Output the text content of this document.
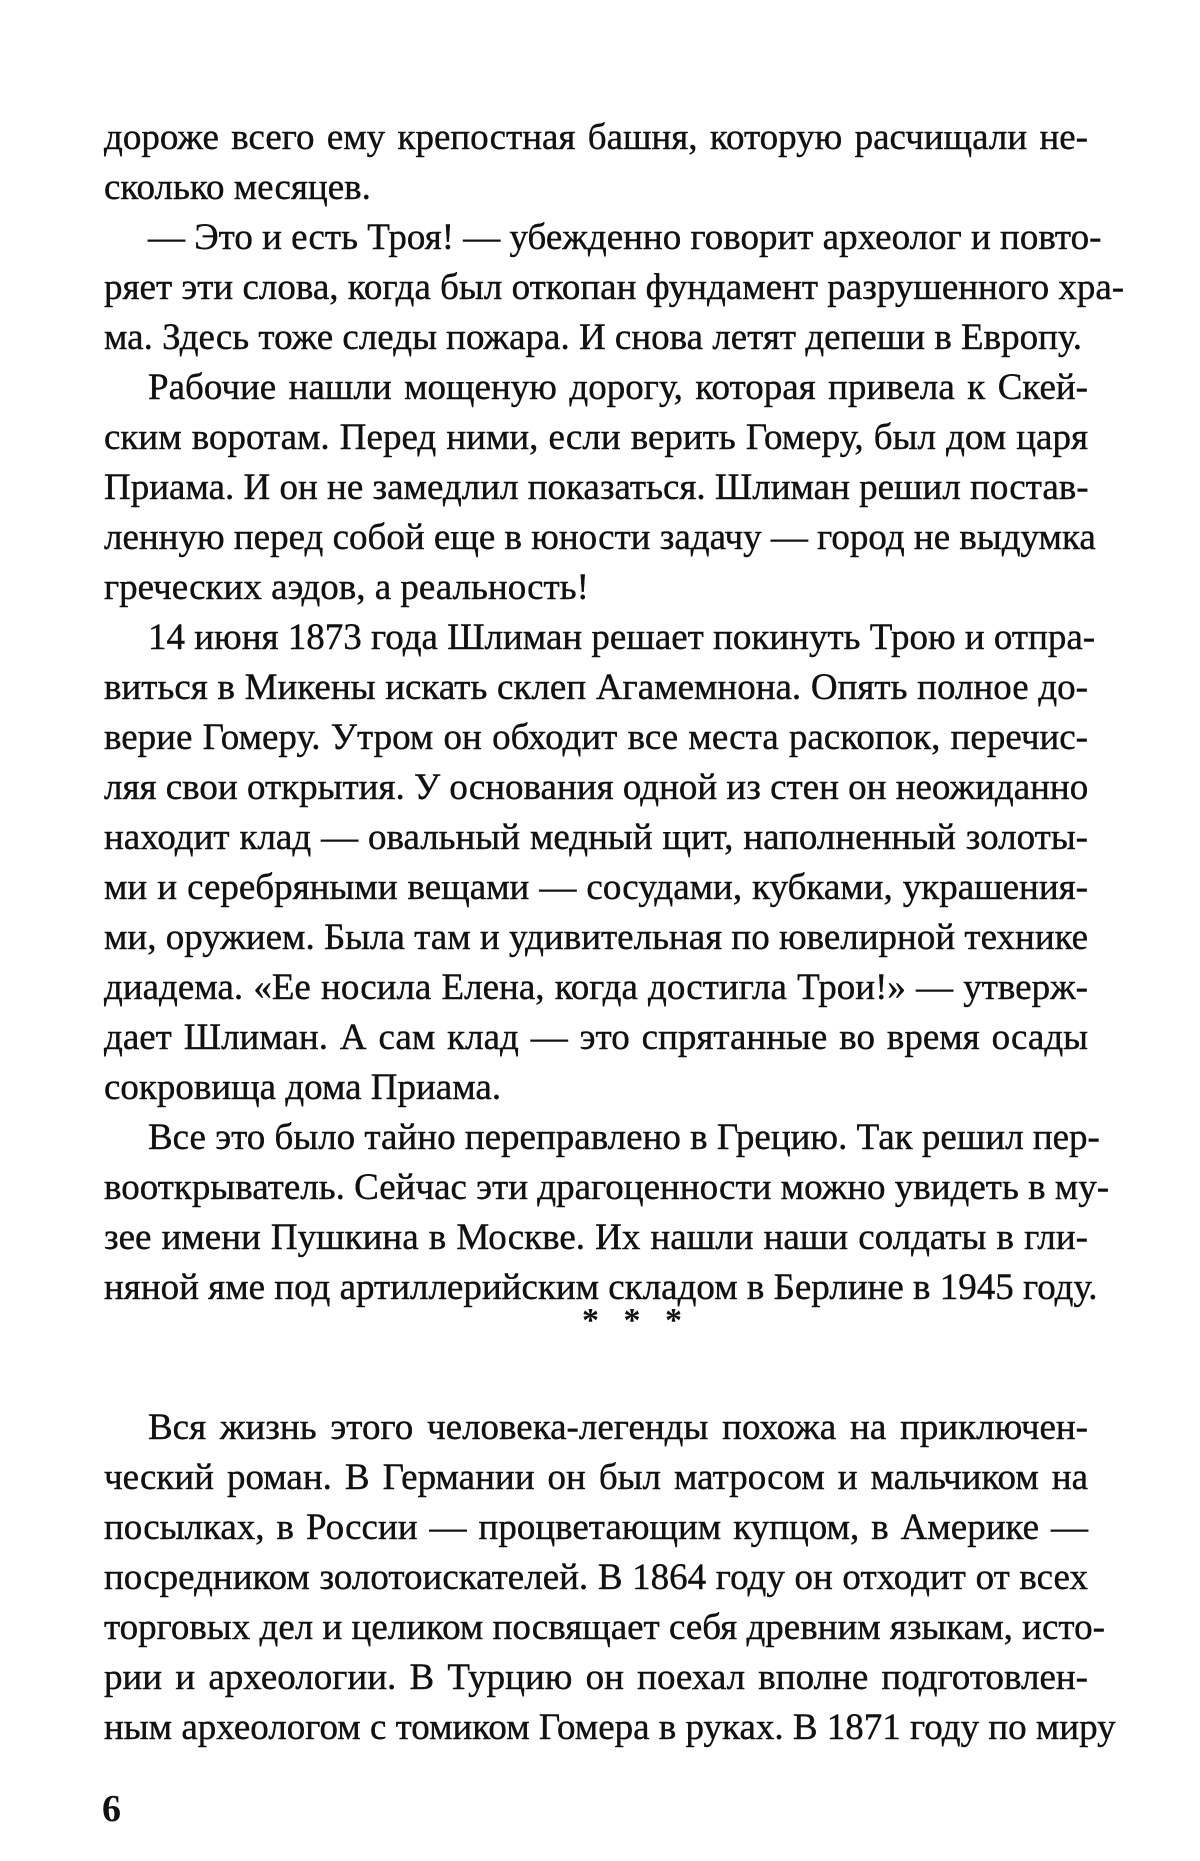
дороже всего ему крепостная башня, которую расчищали не-
сколько месяцев.
— Это и есть Троя! — убежденно говорит археолог и повто-
ряет эти слова, когда был откопан фундамент разрушенного хра-
ма. Здесь тоже следы пожара. И снова летят депеши в Европу.
Рабочие нашли мощеную дорогу, которая привела к Скей-
ским воротам. Перед ними, если верить Гомеру, был дом царя
Приама. И он не замедлил показаться. Шлиман решил постав-
ленную перед собой еще в юности задачу — город не выдумка
греческих аэдов, а реальность!
14 июня 1873 года Шлиман решает покинуть Трою и отпра-
виться в Микены искать склеп Агамемнона. Опять полное до-
верие Гомеру. Утром он обходит все места раскопок, перечис-
ляя свои открытия. У основания одной из стен он неожиданно
находит клад — овальный медный щит, наполненный золоты-
ми и серебряными вещами — сосудами, кубками, украшения-
ми, оружием. Была там и удивительная по ювелирной технике
диадема. «Ее носила Елена, когда достигла Трои!» — утверж-
дает Шлиман. А сам клад — это спрятанные во время осады
сокровища дома Приама.
Все это было тайно переправлено в Грецию. Так решил пер-
вооткрыватель. Сейчас эти драгоценности можно увидеть в му-
зее имени Пушкина в Москве. Их нашли наши солдаты в гли-
няной яме под артиллерийским складом в Берлине в 1945 году.
* * *
Вся жизнь этого человека-легенды похожа на приключен-
ческий роман. В Германии он был матросом и мальчиком на
посылках, в России — процветающим купцом, в Америке —
посредником золотоискателей. В 1864 году он отходит от всех
торговых дел и целиком посвящает себя древним языкам, исто-
рии и археологии. В Турцию он поехал вполне подготовлен-
ным археологом с томиком Гомера в руках. В 1871 году по миру
6
